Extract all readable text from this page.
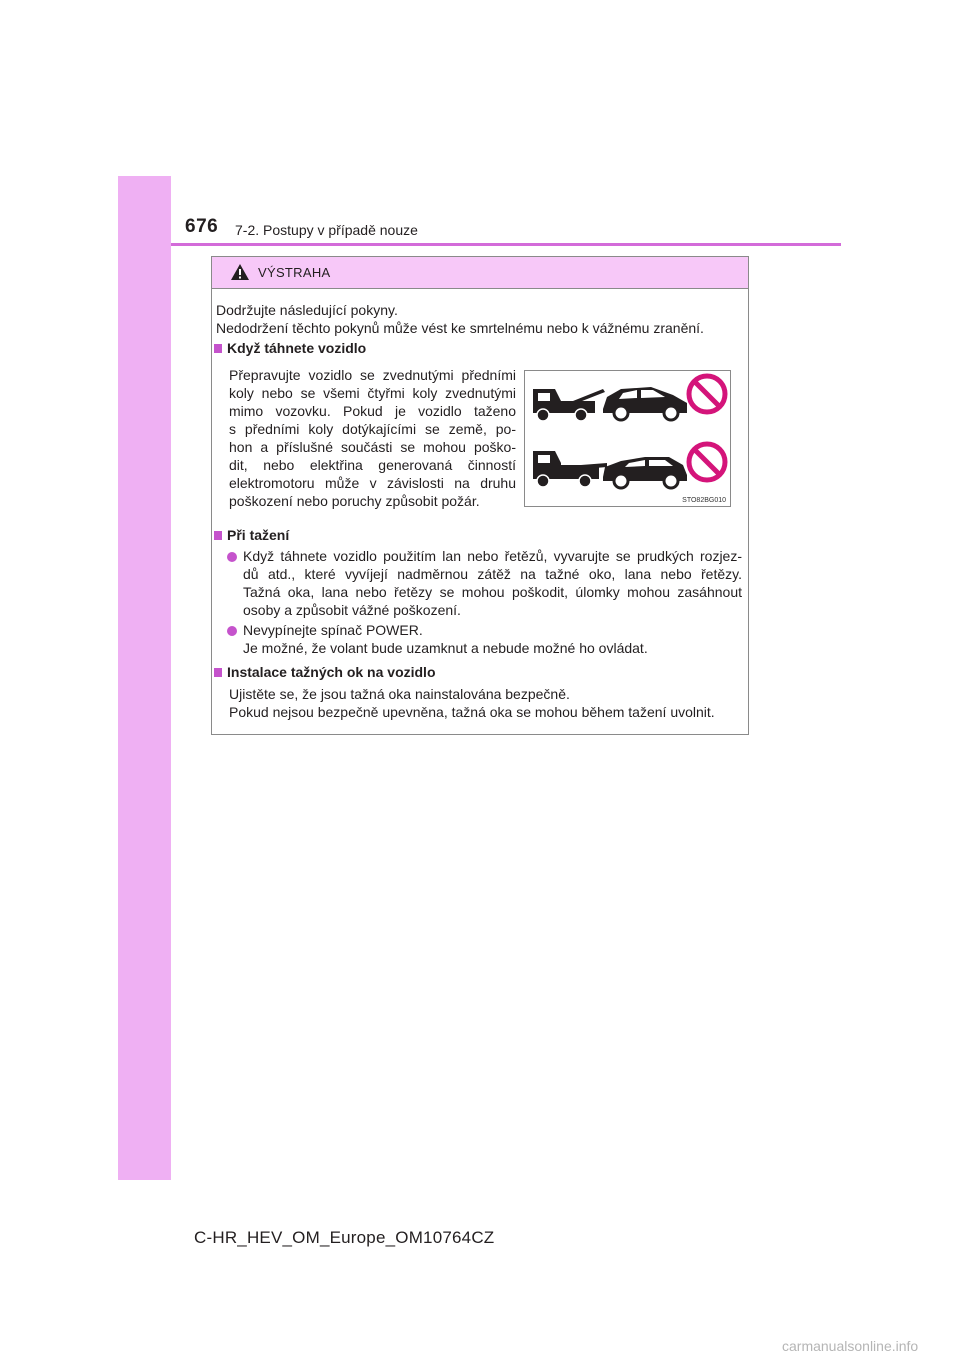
676 7-2. Postupy v případě nouze
VÝSTRAHA
Dodržujte následující pokyny.
Nedodržení těchto pokynů může vést ke smrtelnému nebo k vážnému zranění.
Když táhnete vozidlo
Přepravujte vozidlo se zvednutými předními
koly nebo se všemi čtyřmi koly zvednutými
mimo vozovku. Pokud je vozidlo taženo
s předními koly dotýkajícími se země, po-
hon a příslušné součásti se mohou poško-
dit, nebo elektřina generovaná činností
elektromotoru může v závislosti na druhu
poškození nebo poruchy způsobit požár.	STO82BG010
Při tažení
Když táhnete vozidlo použitím lan nebo řetězů, vyvarujte se prudkých rozjez-
dů atd., které vyvíjejí nadměrnou zátěž na tažné oko, lana nebo řetězy.
Tažná oka, lana nebo řetězy se mohou poškodit, úlomky mohou zasáhnout
osoby a způsobit vážné poškození.
Nevypínejte spínač POWER.
Je možné, že volant bude uzamknut a nebude možné ho ovládat.
Instalace tažných ok na vozidlo
Ujistěte se, že jsou tažná oka nainstalována bezpečně.
Pokud nejsou bezpečně upevněna, tažná oka se mohou během tažení uvolnit.
C-HR_HEV_OM_Europe_OM10764CZ
carmanualsonline.info
